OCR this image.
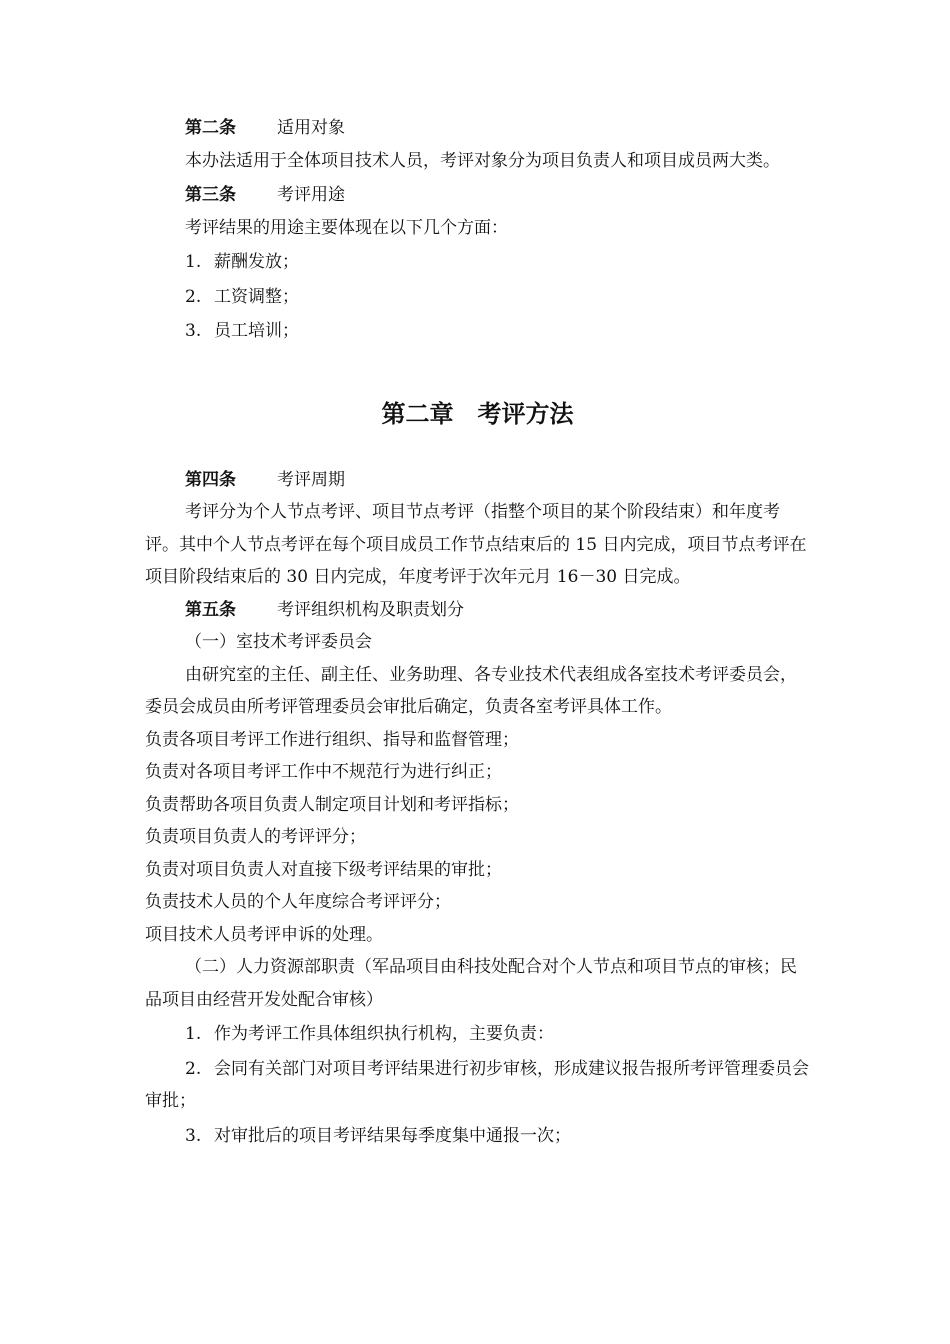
第二条 适用对象

本办法适用于全体项目技术人员，考评对象分为项目负责人和项目成员两大类。

第三条 考评用途

考评结果的用途主要体现在以下几个方面：

1. 薪酬发放；

2. 工资调整；

3. 员工培训；

第二章  考评方法

第四条 考评周期

考评分为个人节点考评、项目节点考评（指整个项目的某个阶段结束）和年度考评。其中个人节点考评在每个项目成员工作节点结束后的 15 日内完成，项目节点考评在项目阶段结束后的 30 日内完成，年度考评于次年元月 16－30 日完成。

第五条 考评组织机构及职责划分

（一）室技术考评委员会

由研究室的主任、副主任、业务助理、各专业技术代表组成各室技术考评委员会，委员会成员由所考评管理委员会审批后确定，负责各室考评具体工作。

负责各项目考评工作进行组织、指导和监督管理；

负责对各项目考评工作中不规范行为进行纠正；

负责帮助各项目负责人制定项目计划和考评指标；

负责项目负责人的考评评分；

负责对项目负责人对直接下级考评结果的审批；

负责技术人员的个人年度综合考评评分；

项目技术人员考评申诉的处理。

（二）人力资源部职责（军品项目由科技处配合对个人节点和项目节点的审核；民品项目由经营开发处配合审核）

1. 作为考评工作具体组织执行机构，主要负责：

2. 会同有关部门对项目考评结果进行初步审核，形成建议报告报所考评管理委员会审批；

3. 对审批后的项目考评结果每季度集中通报一次；
